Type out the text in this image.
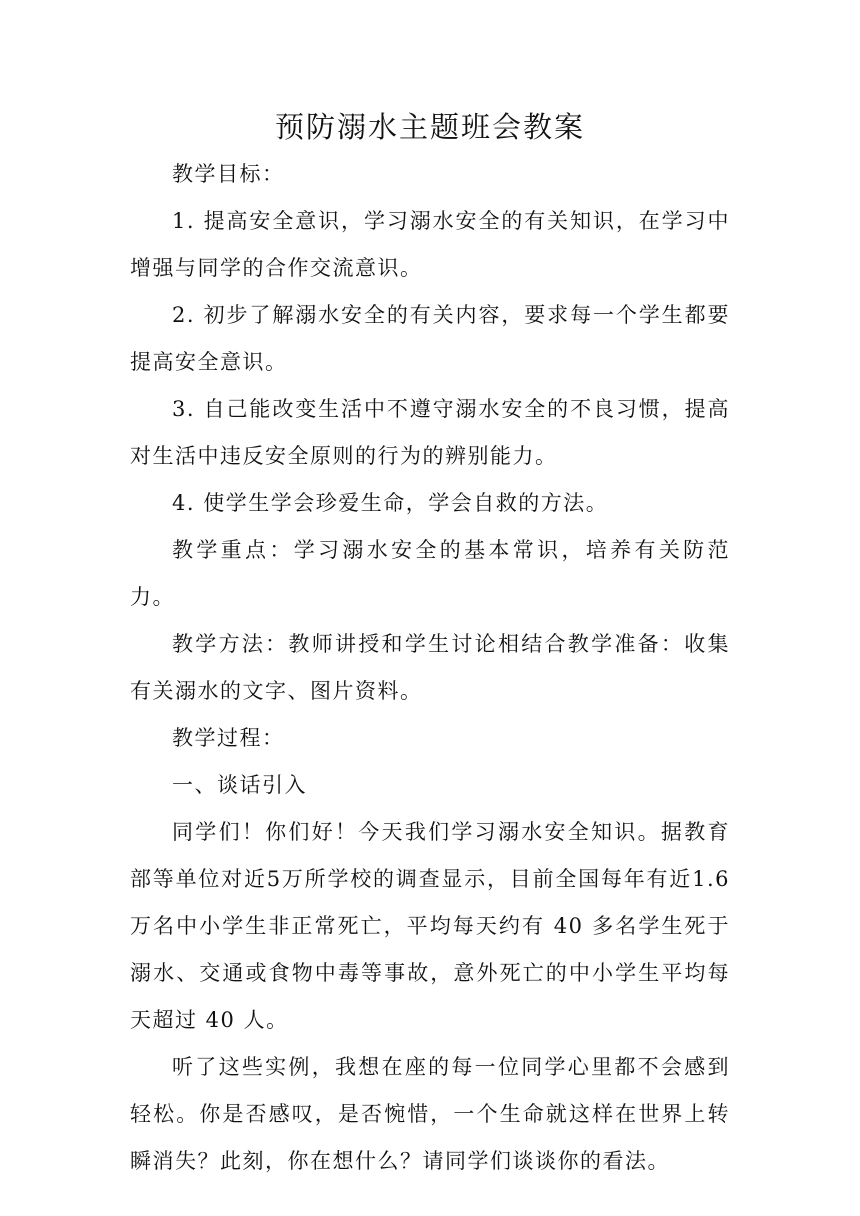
预防溺水主题班会教案

教学目标：

1. 提高安全意识，学习溺水安全的有关知识，在学习中增强与同学的合作交流意识。

2. 初步了解溺水安全的有关内容，要求每一个学生都要提高安全意识。

3. 自己能改变生活中不遵守溺水安全的不良习惯，提高对生活中违反安全原则的行为的辨别能力。

4. 使学生学会珍爱生命，学会自救的方法。

教学重点：学习溺水安全的基本常识，培养有关防范力。

教学方法：教师讲授和学生讨论相结合教学准备：收集有关溺水的文字、图片资料。

教学过程：

一、谈话引入

同学们！你们好！今天我们学习溺水安全知识。据教育部等单位对近5万所学校的调查显示，目前全国每年有近1.6万名中小学生非正常死亡，平均每天约有 40 多名学生死于溺水、交通或食物中毒等事故，意外死亡的中小学生平均每天超过 40 人。

听了这些实例，我想在座的每一位同学心里都不会感到轻松。你是否感叹，是否惋惜，一个生命就这样在世界上转瞬消失？此刻，你在想什么？请同学们谈谈你的看法。
